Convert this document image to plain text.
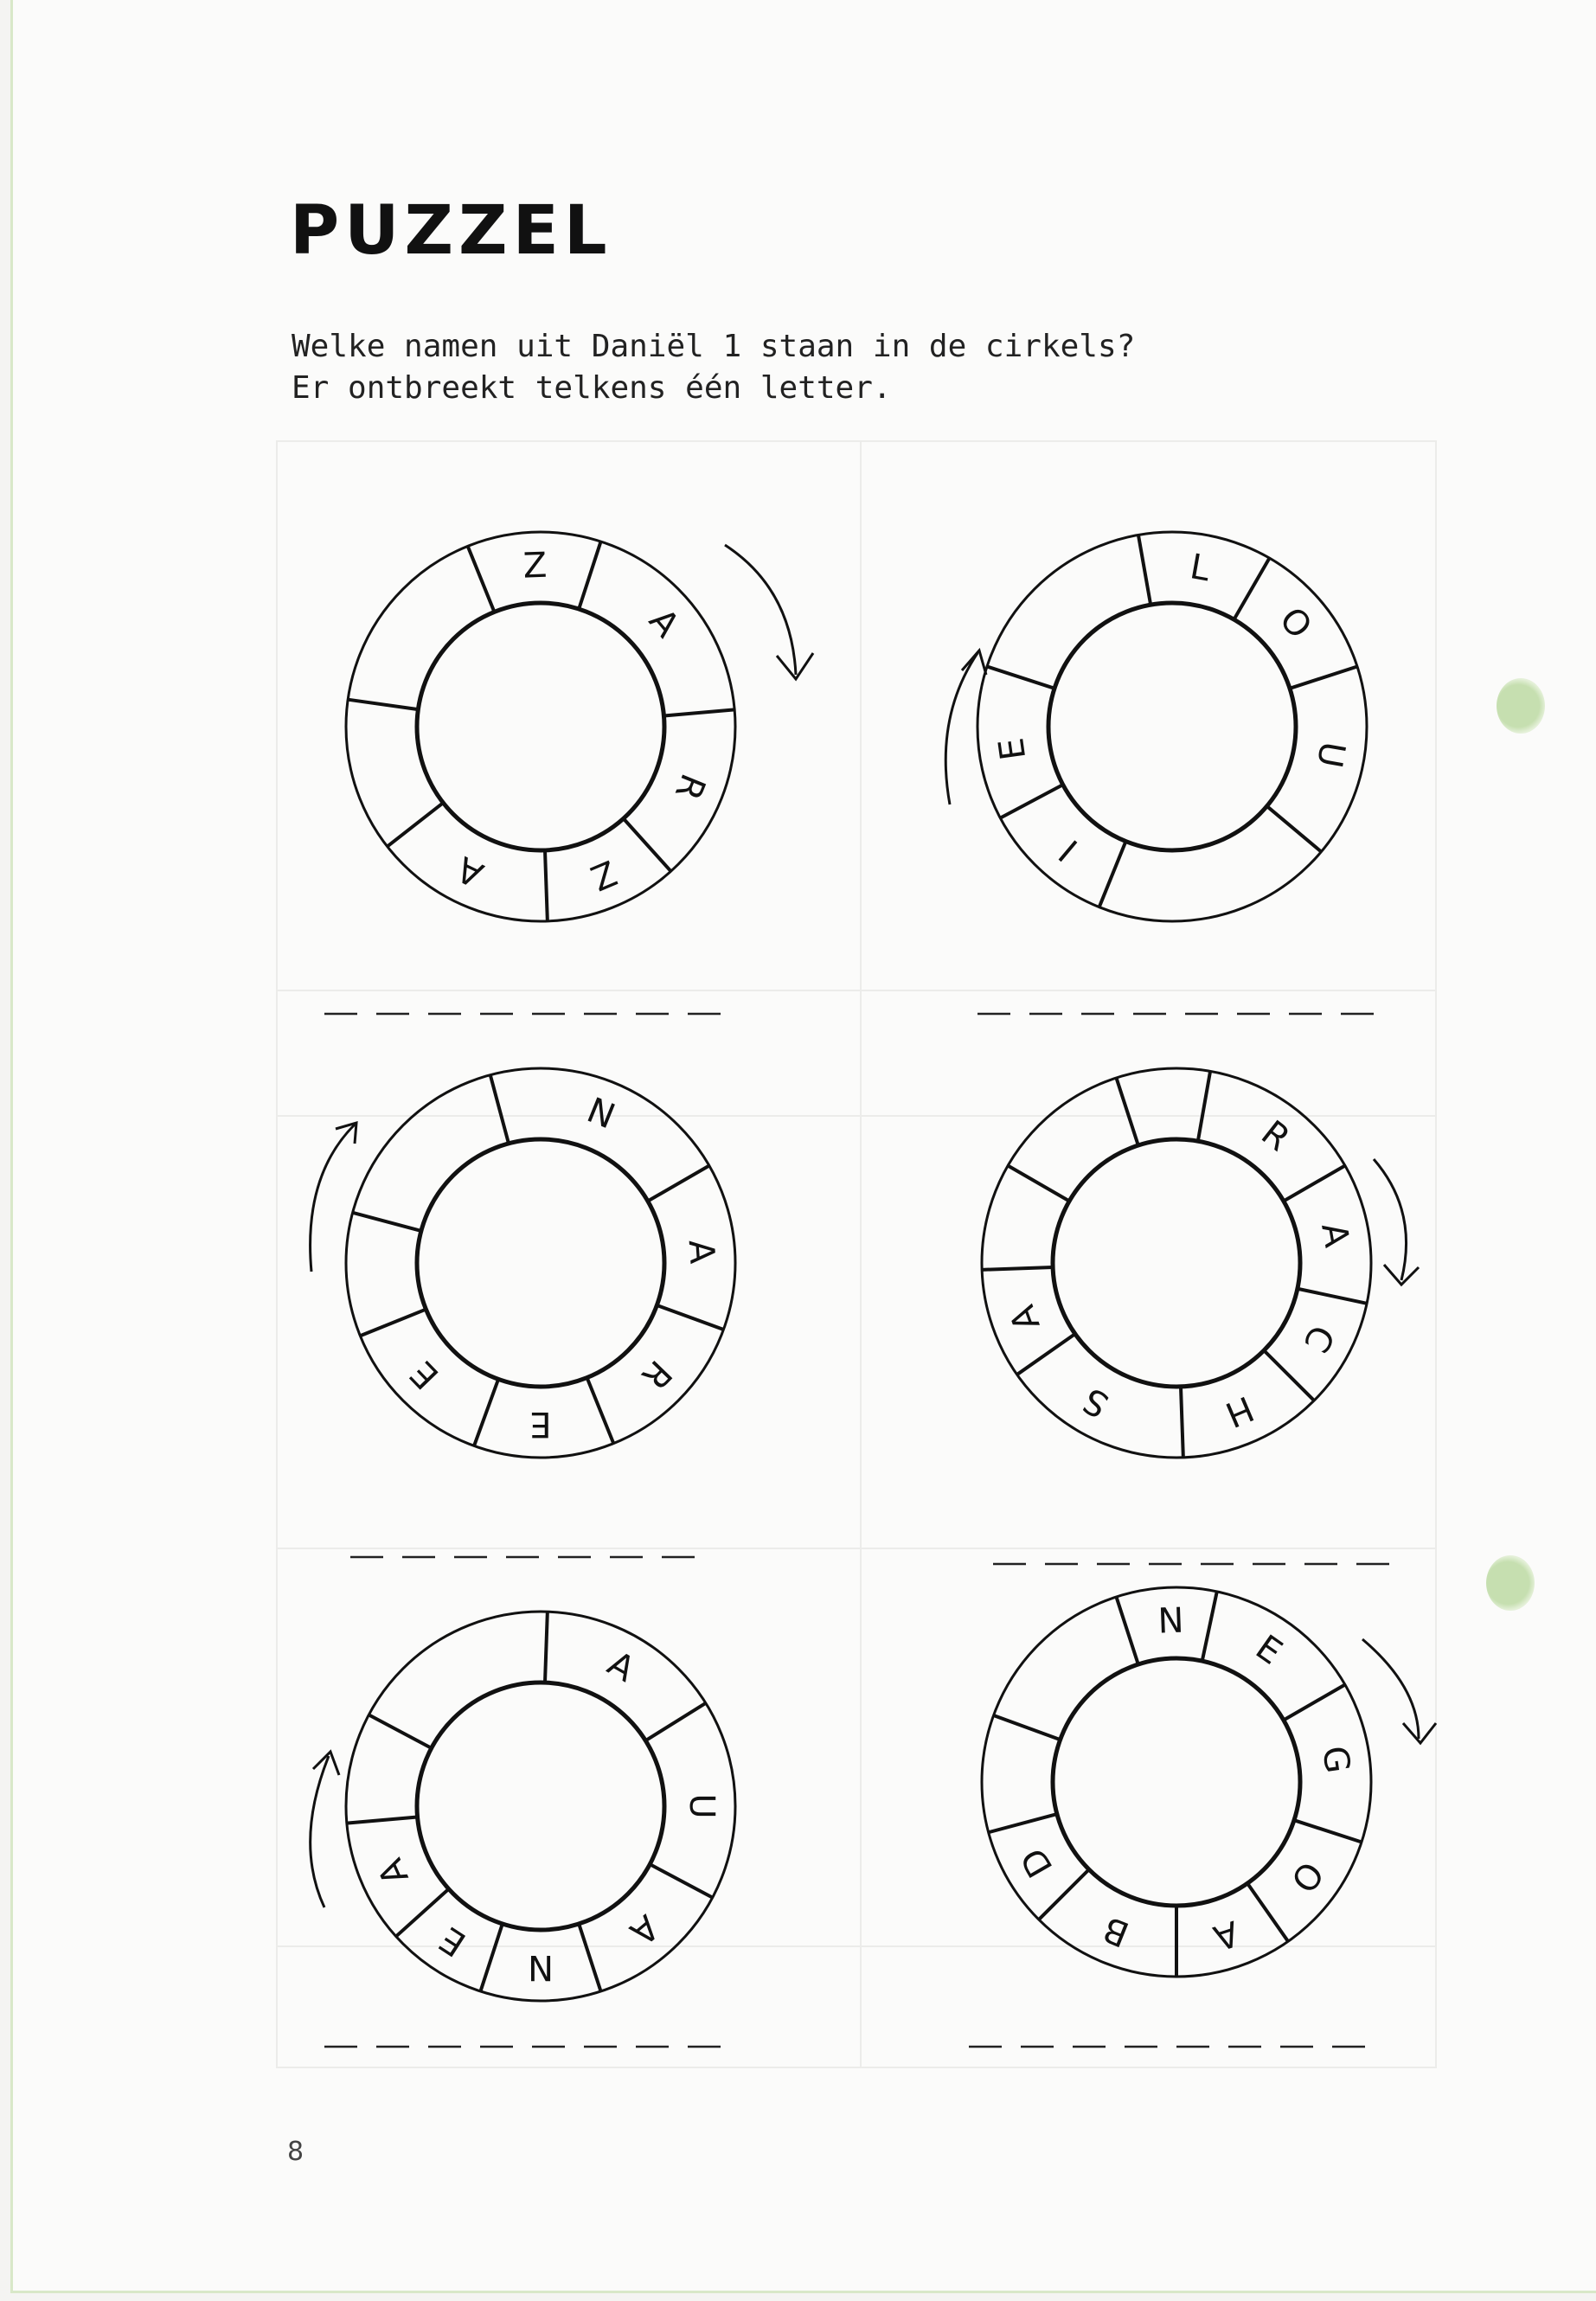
PUZZEL
Welke namen uit Daniël 1 staan in de cirkels?
Er ontbreekt telkens één letter.
Z
A
R
Z
A
L
O
U
I
E
N
A
R
E
E
R
A
C
H
S
A
A
U
A
N
E
A
N
E
G
O
A
B
D
8
